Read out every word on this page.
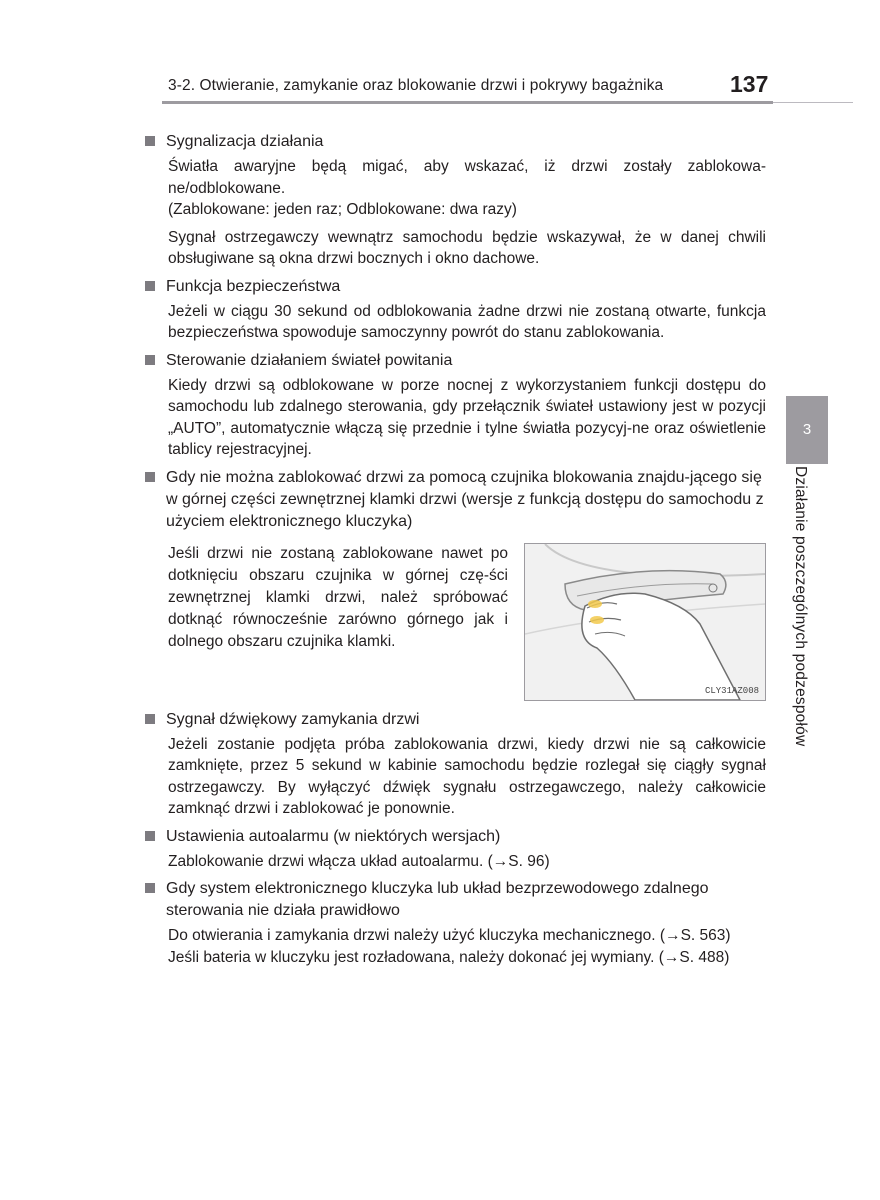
3-2. Otwieranie, zamykanie oraz blokowanie drzwi i pokrywy bagażnika	137
3
Działanie poszczególnych podzespołów
Sygnalizacja działania

Światła awaryjne będą migać, aby wskazać, iż drzwi zostały zablokowa-ne/odblokowane.

(Zablokowane: jeden raz; Odblokowane: dwa razy)

Sygnał ostrzegawczy wewnątrz samochodu będzie wskazywał, że w danej chwili obsługiwane są okna drzwi bocznych i okno dachowe.

Funkcja bezpieczeństwa

Jeżeli w ciągu 30 sekund od odblokowania żadne drzwi nie zostaną otwarte, funkcja bezpieczeństwa spowoduje samoczynny powrót do stanu zablokowania.

Sterowanie działaniem świateł powitania

Kiedy drzwi są odblokowane w porze nocnej z wykorzystaniem funkcji dostępu do samochodu lub zdalnego sterowania, gdy przełącznik świateł ustawiony jest w pozycji „AUTO”, automatycznie włączą się przednie i tylne światła pozycyj-ne oraz oświetlenie tablicy rejestracyjnej.

Gdy nie można zablokować drzwi za pomocą czujnika blokowania znajdu-jącego się w górnej części zewnętrznej klamki drzwi (wersje z funkcją dostępu do samochodu z użyciem elektronicznego kluczyka)
Jeśli drzwi nie zostaną zablokowane nawet po dotknięciu obszaru czujnika w górnej czę-ści zewnętrznej klamki drzwi, należ spróbować dotknąć równocześnie zarówno górnego jak i dolnego obszaru czujnika klamki.
CLY31AZ008
Sygnał dźwiękowy zamykania drzwi

Jeżeli zostanie podjęta próba zablokowania drzwi, kiedy drzwi nie są całkowicie zamknięte, przez 5 sekund w kabinie samochodu będzie rozlegał się ciągły sygnał ostrzegawczy. By wyłączyć dźwięk sygnału ostrzegawczego, należy całkowicie zamknąć drzwi i zablokować je ponownie.

Ustawienia autoalarmu (w niektórych wersjach)

Zablokowanie drzwi włącza układ autoalarmu. (→S. 96)

Gdy system elektronicznego kluczyka lub układ bezprzewodowego zdalnego sterowania nie działa prawidłowo

Do otwierania i zamykania drzwi należy użyć kluczyka mechanicznego. (→S. 563)

Jeśli bateria w kluczyku jest rozładowana, należy dokonać jej wymiany. (→S. 488)
